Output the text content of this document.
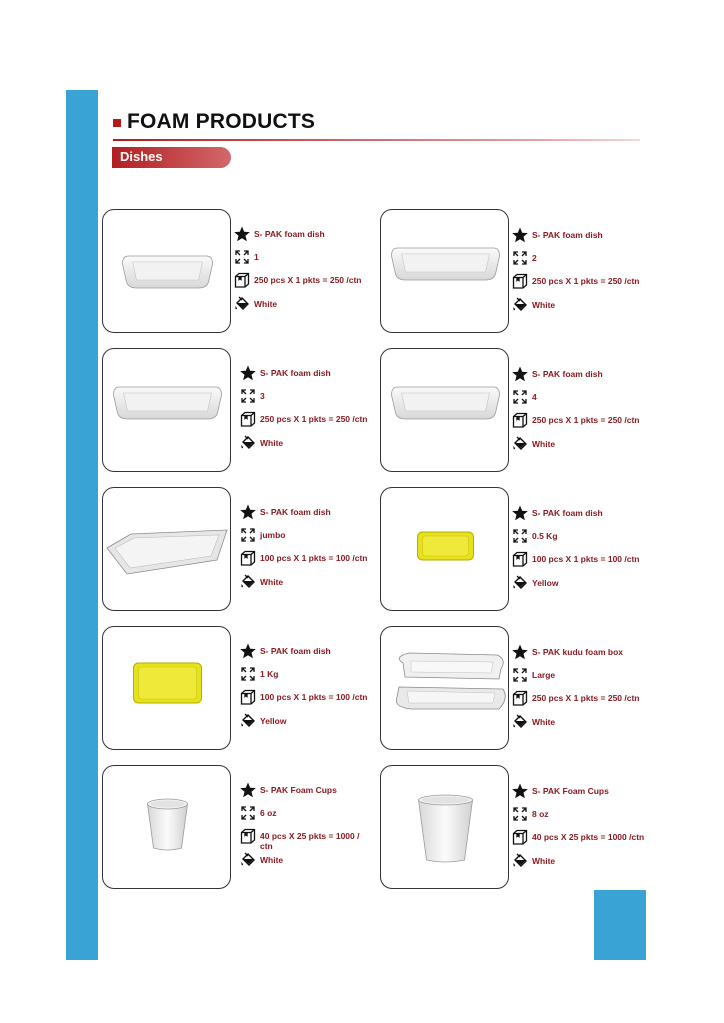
FOAM PRODUCTS
Dishes
S- PAK foam dish
1
250 pcs X 1 pkts = 250 /ctn
White
S- PAK foam dish
2
250 pcs X 1 pkts = 250 /ctn
White
S- PAK foam dish
3
250 pcs X 1 pkts = 250 /ctn
White
S- PAK foam dish
4
250 pcs X 1 pkts = 250 /ctn
White
S- PAK foam dish
jumbo
100 pcs X 1 pkts = 100 /ctn
White
S- PAK foam dish
0.5 Kg
100 pcs X 1 pkts = 100 /ctn
Yellow
S- PAK foam dish
1 Kg
100 pcs X 1 pkts = 100 /ctn
Yellow
S- PAK kudu foam box
Large
250 pcs X 1 pkts = 250 /ctn
White
S- PAK Foam Cups
6 oz
40 pcs X 25 pkts = 1000 / ctn
White
S- PAK Foam Cups
8 oz
40 pcs X 25 pkts = 1000 /ctn
White
